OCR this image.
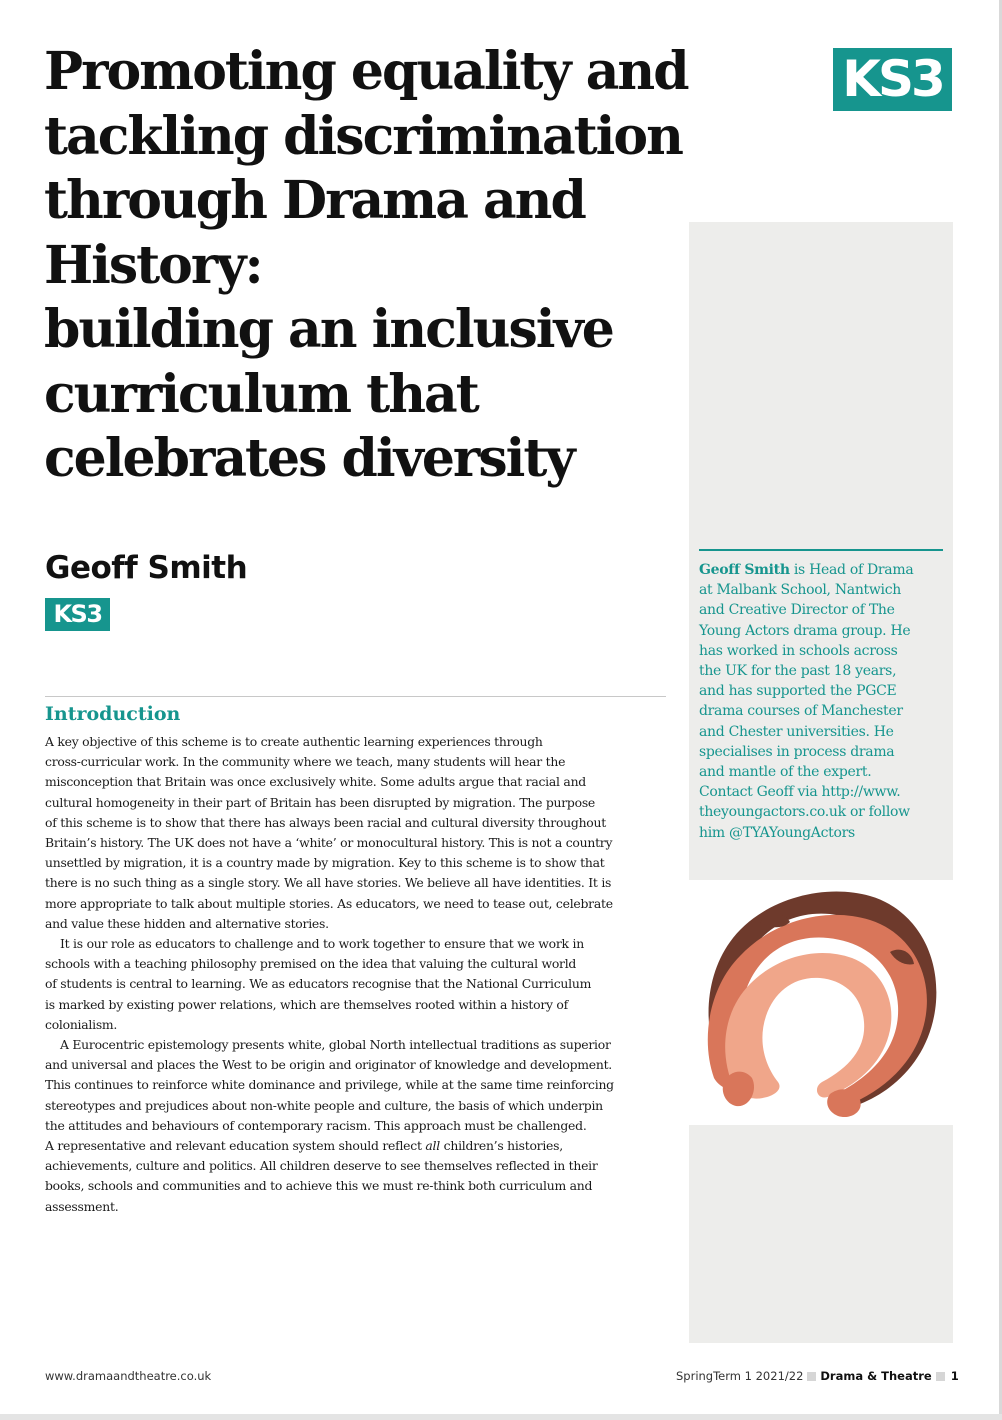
Promoting equality and
tackling discrimination
through Drama and
History:
building an inclusive
curriculum that
celebrates diversity
KS3

Geoff Smith is Head of Drama
at Malbank School, Nantwich
and Creative Director of The
Young Actors drama group. He
has worked in schools across
the UK for the past 18 years,
and has supported the PGCE
drama courses of Manchester
and Chester universities. He
specialises in process drama
and mantle of the expert.
Contact Geoff via http://www.
theyoungactors.co.uk or follow
him @TYAYoungActors

Geoff Smith
KS3
Introduction
A key objective of this scheme is to create authentic learning experiences through
cross-curricular work. In the community where we teach, many students will hear the
misconception that Britain was once exclusively white. Some adults argue that racial and
cultural homogeneity in their part of Britain has been disrupted by migration. The purpose
of this scheme is to show that there has always been racial and cultural diversity throughout
Britain’s history. The UK does not have a ‘white’ or monocultural history. This is not a country
unsettled by migration, it is a country made by migration. Key to this scheme is to show that
there is no such thing as a single story. We all have stories. We believe all have identities. It is
more appropriate to talk about multiple stories. As educators, we need to tease out, celebrate
and value these hidden and alternative stories.
It is our role as educators to challenge and to work together to ensure that we work in
schools with a teaching philosophy premised on the idea that valuing the cultural world
of students is central to learning. We as educators recognise that the National Curriculum
is marked by existing power relations, which are themselves rooted within a history of
colonialism.
A Eurocentric epistemology presents white, global North intellectual traditions as superior
and universal and places the West to be origin and originator of knowledge and development.
This continues to reinforce white dominance and privilege, while at the same time reinforcing
stereotypes and prejudices about non-white people and culture, the basis of which underpin
the attitudes and behaviours of contemporary racism. This approach must be challenged.
A representative and relevant education system should reflect all children’s histories,
achievements, culture and politics. All children deserve to see themselves reflected in their
books, schools and communities and to achieve this we must re-think both curriculum and
assessment.
www.dramaandtheatre.co.uk	SpringTerm 1 2021/22 Drama & Theatre 1
